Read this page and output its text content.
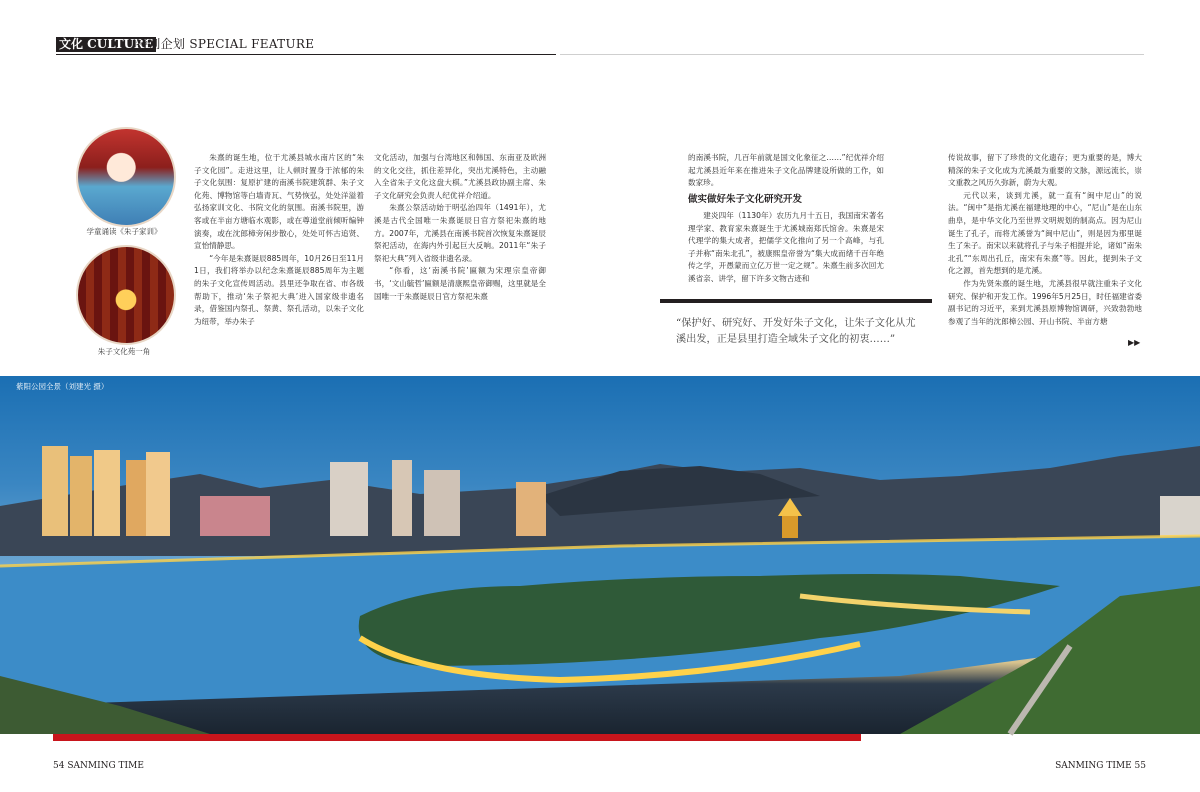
文化 CULTURE
特别企划 SPECIAL FEATURE
学童诵读《朱子家训》
朱子文化苑一角

朱熹的诞生地，位于尤溪县城水南片区的“朱子文化园”。走进这里，让人顿时置身于浓郁的朱子文化氛围：复原扩建的南溪书院建筑群、朱子文化苑、博物馆等白墙青瓦、气势恢弘，处处洋溢着弘扬家训文化、书院文化的氛围。南溪书院里，游客或在半亩方塘临水观影，或在尊道堂前倾听编钟演奏，或在沈郎樟旁闲步散心，处处可怀古追贤、宣怡情静思。

“今年是朱熹诞辰885周年，10月26日至11月1日，我们将举办以纪念朱熹诞辰885周年为主题的朱子文化宣传周活动。县里还争取在省、市各级帮助下，推动‘朱子祭祀大典’进入国家级非遗名录，借鉴国内祭孔、祭黄、祭孔活动，以朱子文化为纽带，举办朱子

文化活动，加强与台湾地区和韩国、东南亚及欧洲的文化交往，抓住差异化，突出尤溪特色，主动融入全省朱子文化这盘大棋。”尤溪县政协副主席、朱子文化研究会负责人纪优祥介绍道。

朱熹公祭活动始于明弘治四年（1491年），尤溪是古代全国唯一朱熹诞辰日官方祭祀朱熹的地方。2007年，尤溪县在南溪书院首次恢复朱熹诞辰祭祀活动，在海内外引起巨大反响。2011年“朱子祭祀大典”列入省级非遗名录。

“你看，这‘南溪书院’匾额为宋理宗皇帝御书，‘文山毓哲’匾额是清康熙皇帝御赐，这里就是全国唯一于朱熹诞辰日官方祭祀朱熹

的南溪书院，几百年前就是国文化象征之……”纪优祥介绍起尤溪县近年来在推进朱子文化品牌建设所做的工作，如数家珍。

做实做好朱子文化研究开发

建炎四年（1130年）农历九月十五日，我国南宋著名理学家、教育家朱熹诞生于尤溪城南郑氏馆舍。朱熹是宋代理学的集大成者，把儒学文化推向了另一个高峰，与孔子并称“南朱北孔”，被康熙皇帝誉为“集大成而绪千百年绝传之学，开愚蒙而立亿万世一定之规”。朱熹生前多次回尤溪省亲、讲学，留下许多文物古迹和

传说故事，留下了珍贵的文化遗存；更为重要的是，博大精深的朱子文化成为尤溪最为重要的文脉，源远流长，崇文重教之风历久弥新，蔚为大观。

元代以来，谈到尤溪，就一直有“闽中尼山”的说法。“闽中”是指尤溪在福建地理的中心，“尼山”是在山东曲阜，是中华文化乃至世界文明规划的制高点。因为尼山诞生了孔子，而将尤溪誉为“闽中尼山”，则是因为那里诞生了朱子。南宋以来就将孔子与朱子相提并论，诸如“南朱北孔”“东周出孔丘，南宋有朱熹”等。因此，提到朱子文化之源，首先想到的是尤溪。

作为先贤朱熹的诞生地，尤溪县很早就注重朱子文化研究、保护和开发工作。1996年5月25日，时任福建省委副书记的习近平，来到尤溪县原博物馆调研，兴致勃勃地参观了当年的沈郎樟公园、开山书院、半亩方塘

▶▶
“保护好、研究好、开发好朱子文化，让朱子文化从尤溪出发，正是县里打造全域朱子文化的初衷……”
紫阳公园全景（刘建光 摄）
54 SANMING TIME	SANMING TIME 55
